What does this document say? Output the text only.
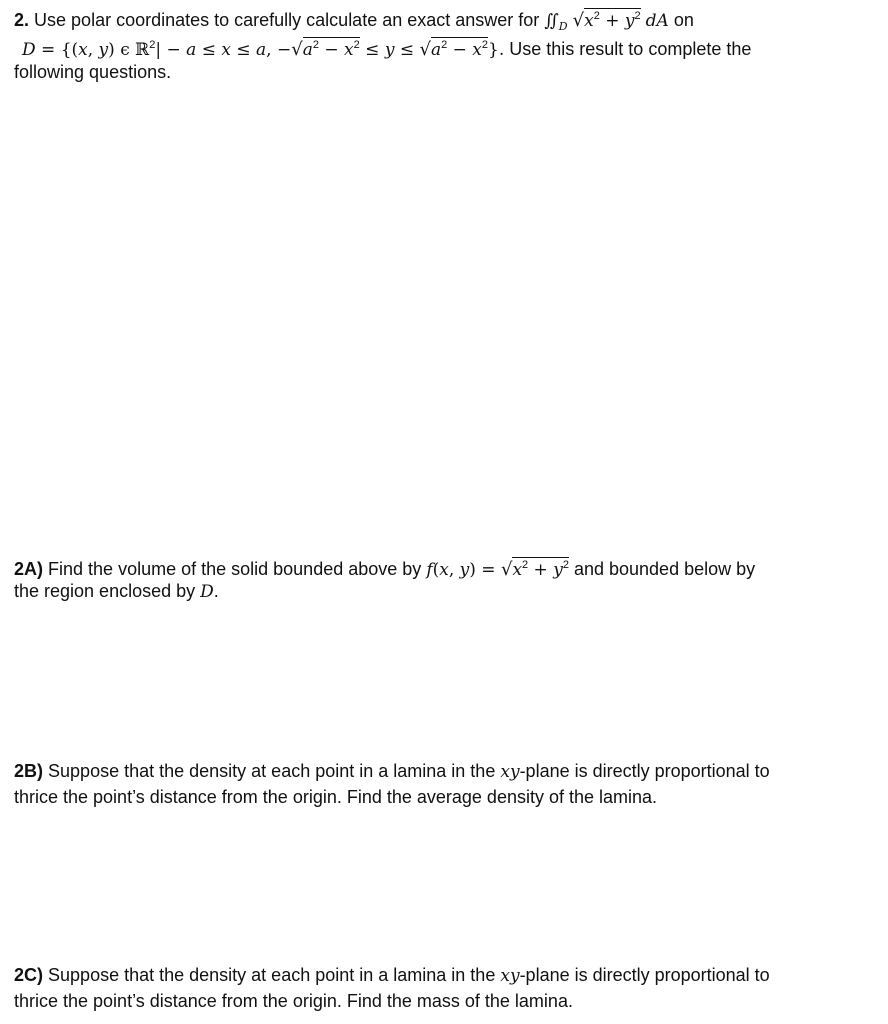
2. Use polar coordinates to carefully calculate an exact answer for $∬_D$ $√x^2 + y^2$ dA on
D = {(x, y) ϵ ℝ$^2$| − a ≤ x ≤ a, $-√a^2 - x^2 \le y \le √a^2 - x^2$}. Use this result to complete the
following questions.
2A) Find the volume of the solid bounded above by f(x, $y) = √x^2 + y^2$ and bounded below by
the region enclosed by D.
2B) Suppose that the density at each point in a lamina in the xy-plane is directly proportional to
thrice the point’s distance from the origin. Find the average density of the lamina.
2C) Suppose that the density at each point in a lamina in the xy-plane is directly proportional to
thrice the point’s distance from the origin. Find the mass of the lamina.
